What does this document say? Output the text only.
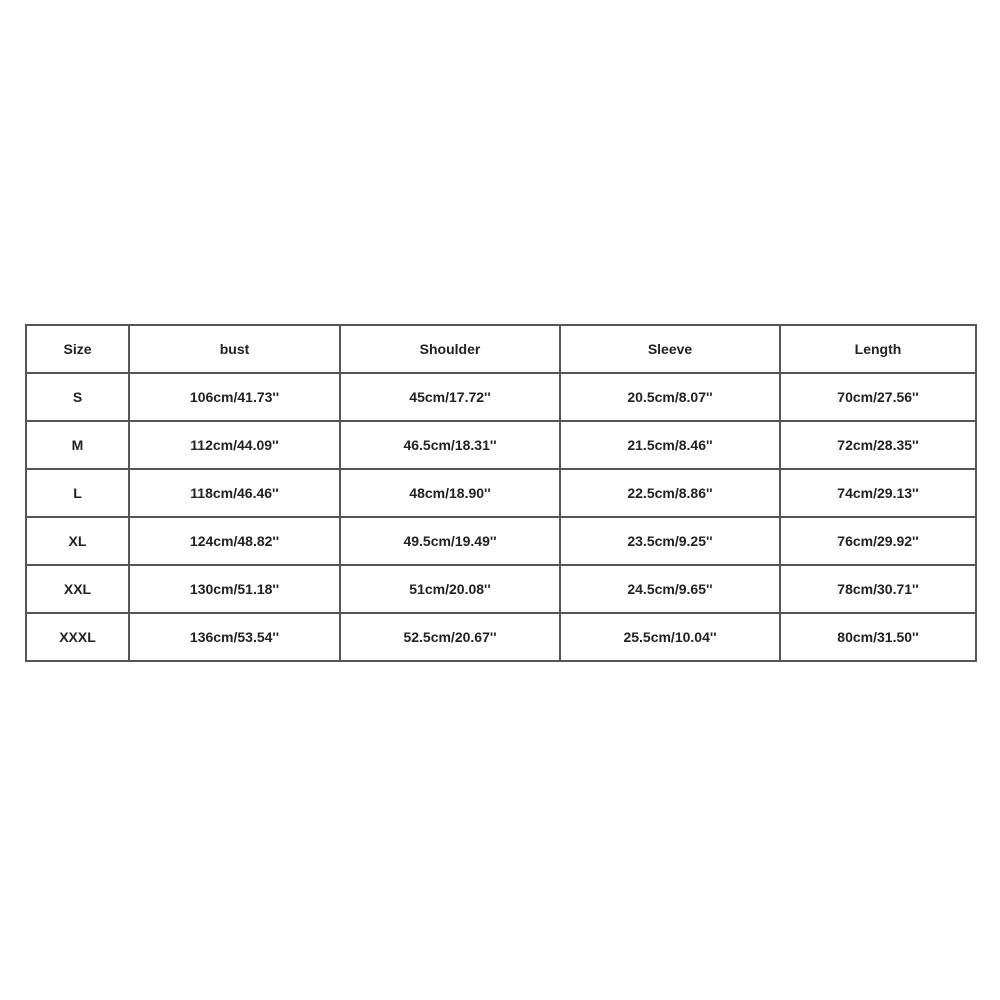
Size	bust	Shoulder	Sleeve	Length
S	106cm/41.73''	45cm/17.72''	20.5cm/8.07''	70cm/27.56''
M	112cm/44.09''	46.5cm/18.31''	21.5cm/8.46''	72cm/28.35''
L	118cm/46.46''	48cm/18.90''	22.5cm/8.86''	74cm/29.13''
XL	124cm/48.82''	49.5cm/19.49''	23.5cm/9.25''	76cm/29.92''
XXL	130cm/51.18''	51cm/20.08''	24.5cm/9.65''	78cm/30.71''
XXXL	136cm/53.54''	52.5cm/20.67''	25.5cm/10.04''	80cm/31.50''
